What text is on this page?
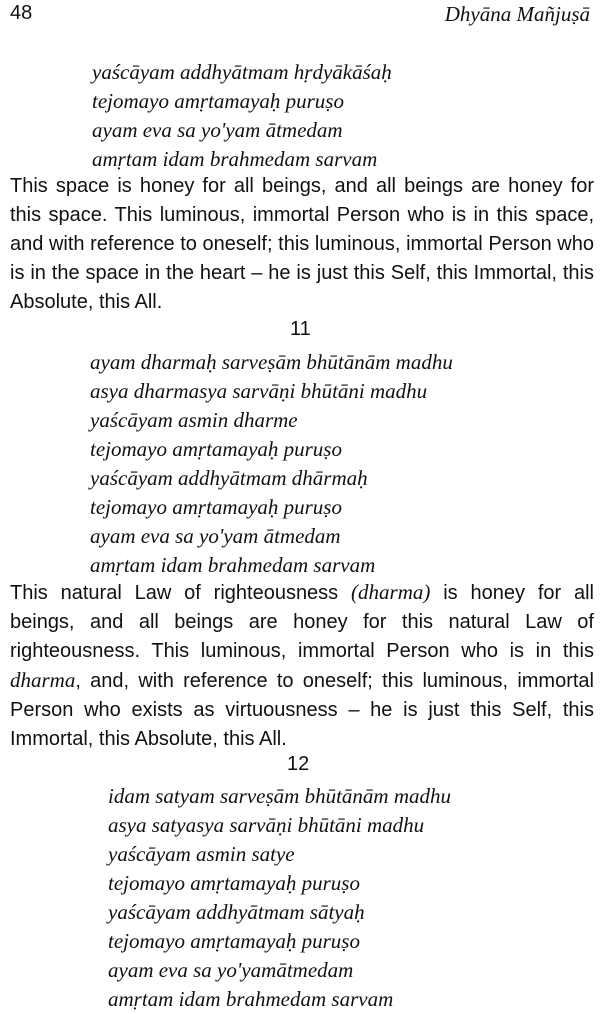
48	Dhyāna Mañjuṣā
yaścāyam addhyātmam hṛdyākāśaḥ
tejomayo amṛtamayaḥ puruṣo
ayam eva sa yo'yam ātmedam
amṛtam idam brahmedam sarvam

This space is honey for all beings, and all beings are honey for this space. This luminous, immortal Person who is in this space, and with reference to oneself; this luminous, immortal Person who is in the space in the heart – he is just this Self, this Immortal, this Absolute, this All.

11
ayam dharmaḥ sarveṣām bhūtānām madhu
asya dharmasya sarvāṇi bhūtāni madhu
yaścāyam asmin dharme
tejomayo amṛtamayaḥ puruṣo
yaścāyam addhyātmam dhārmaḥ
tejomayo amṛtamayaḥ puruṣo
ayam eva sa yo'yam ātmedam
amṛtam idam brahmedam sarvam

This natural Law of righteousness (dharma) is honey for all beings, and all beings are honey for this natural Law of righteousness. This luminous, immortal Person who is in this dharma, and, with reference to oneself; this luminous, immortal Person who exists as virtuousness – he is just this Self, this Immortal, this Absolute, this All.

12
idam satyam sarveṣām bhūtānām madhu
asya satyasya sarvāṇi bhūtāni madhu
yaścāyam asmin satye
tejomayo amṛtamayaḥ puruṣo
yaścāyam addhyātmam sātyaḥ
tejomayo amṛtamayaḥ puruṣo
ayam eva sa yo'yamātmedam
amṛtam idam brahmedam sarvam
